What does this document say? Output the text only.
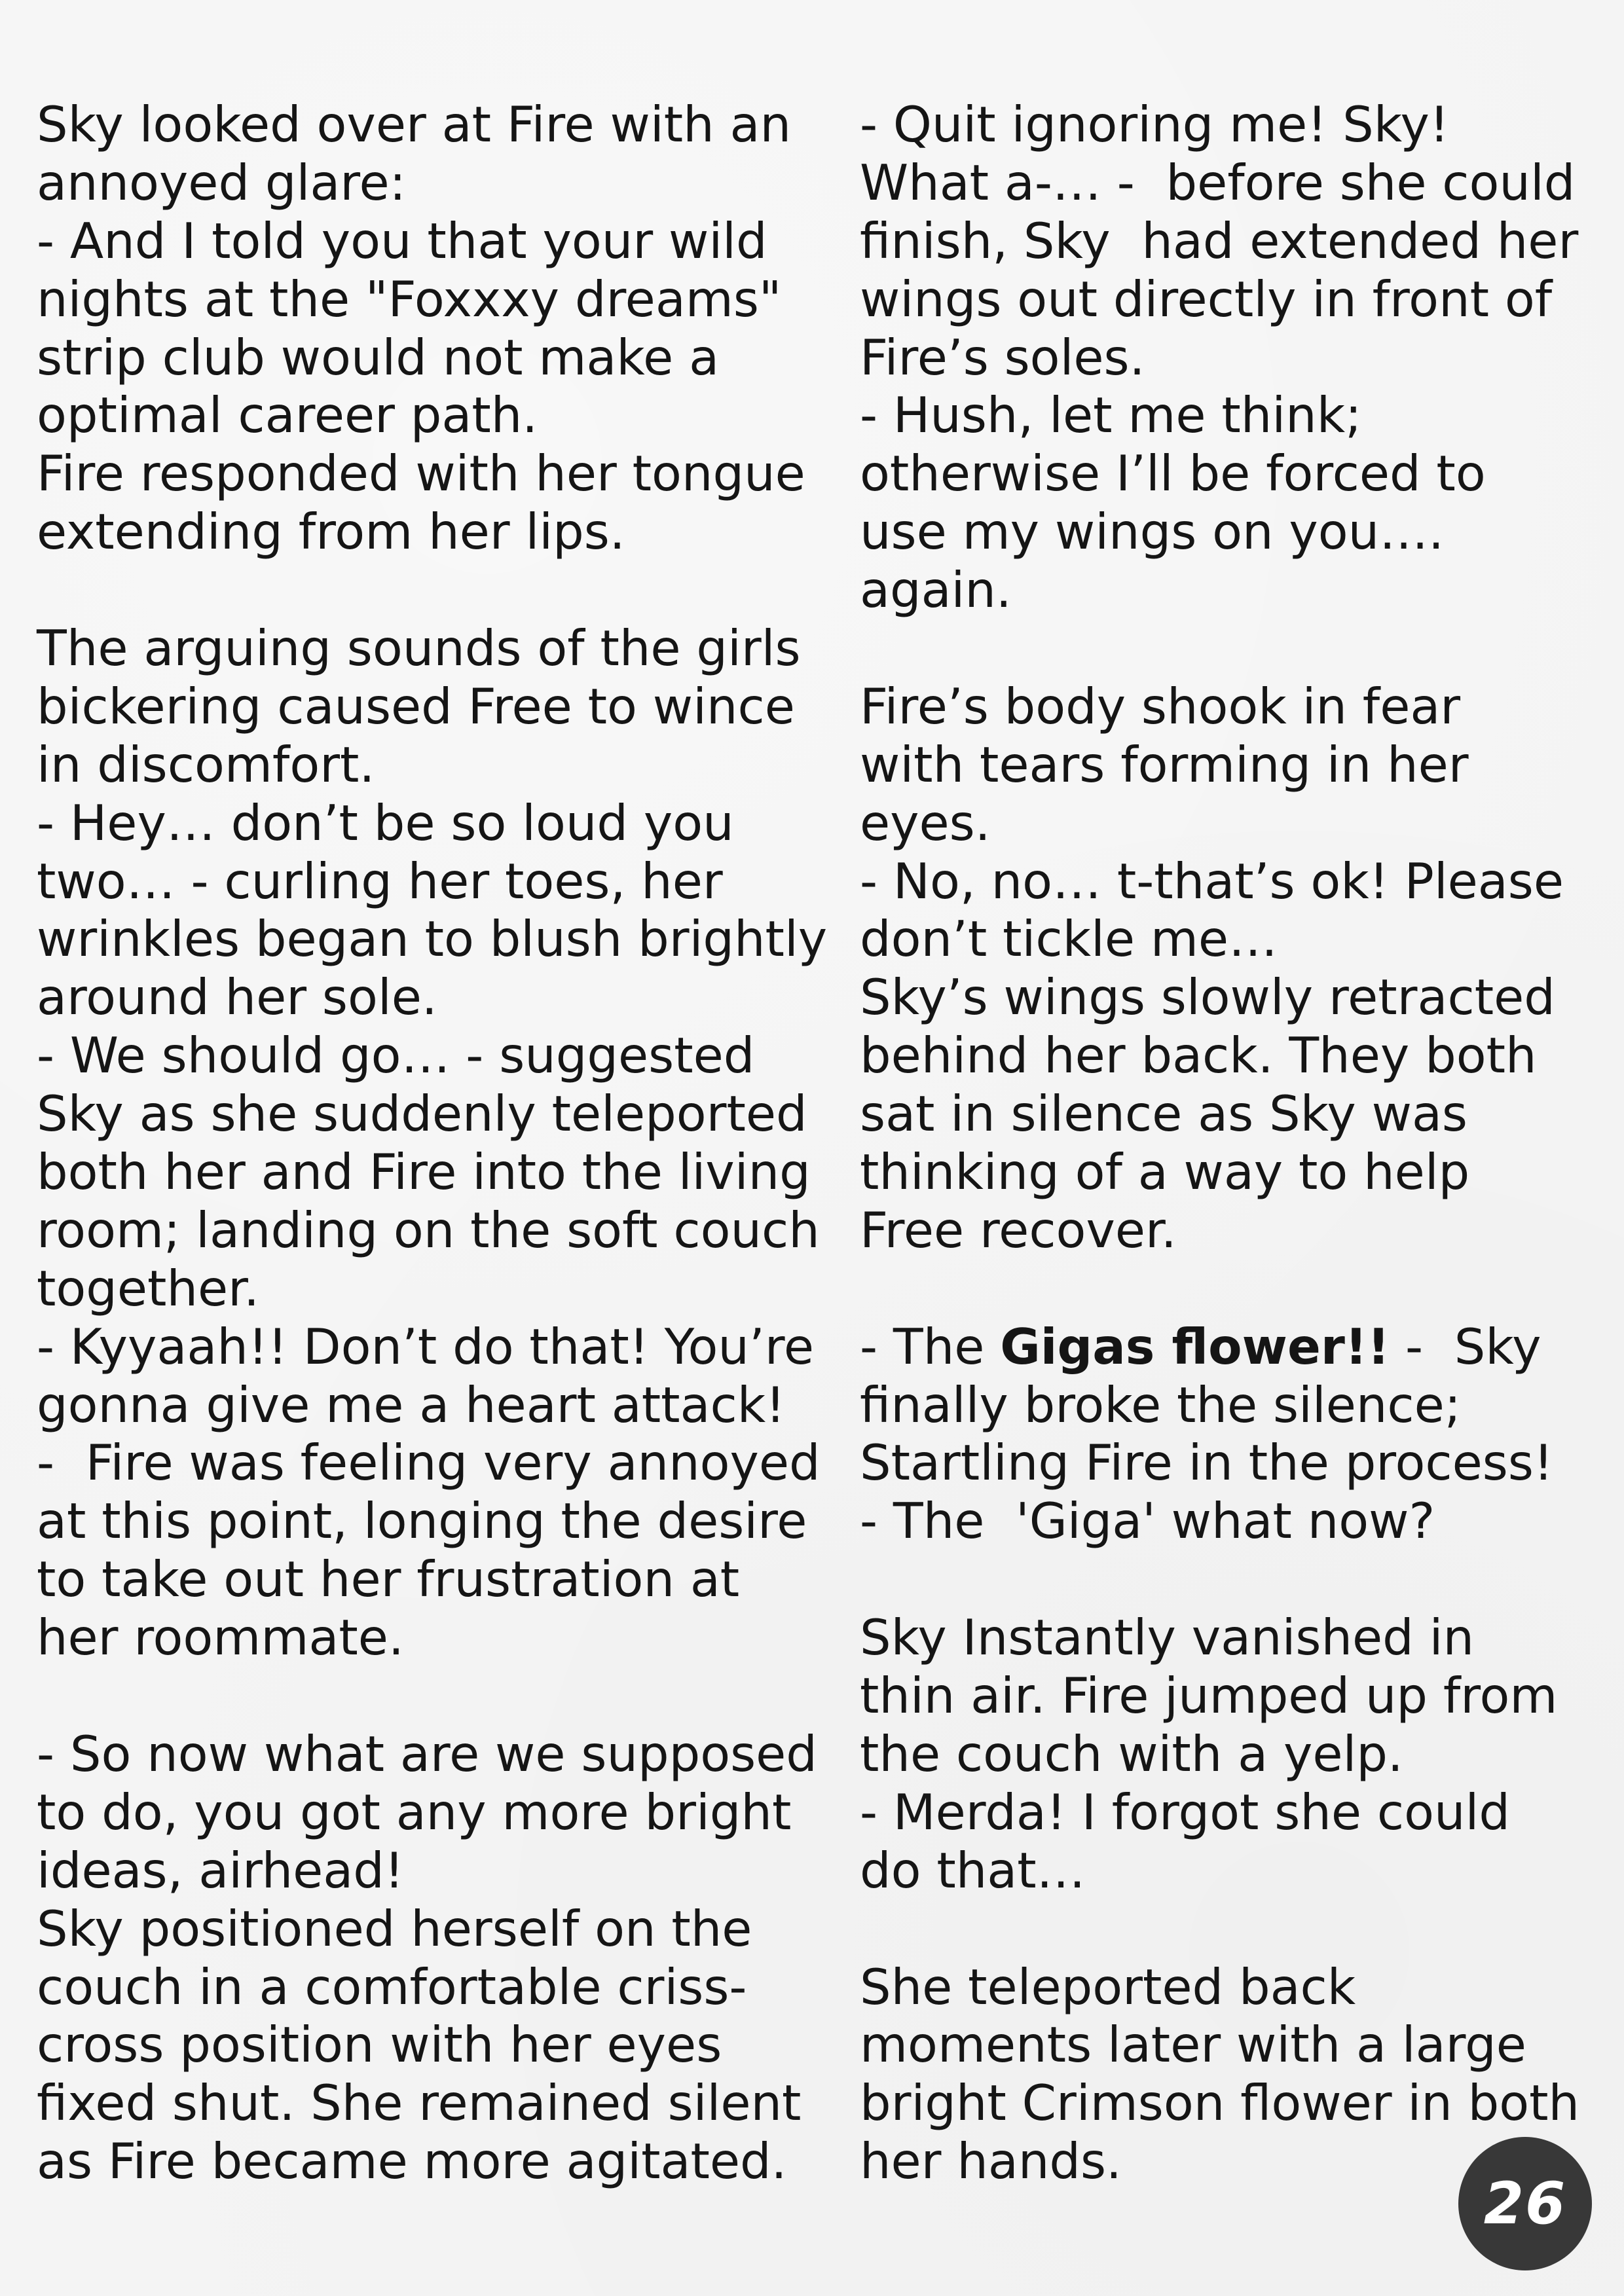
Sky looked over at Fire with an
annoyed glare:
- And I told you that your wild
nights at the "Foxxxy dreams"
strip club would not make a
optimal career path.
Fire responded with her tongue
extending from her lips.
The arguing sounds of the girls
bickering caused Free to wince
in discomfort.
- Hey… don’t be so loud you
two… - curling her toes, her
wrinkles began to blush brightly
around her sole.
- We should go… - suggested
Sky as she suddenly teleported
both her and Fire into the living
room; landing on the soft couch
together.
- Kyyaah!! Don’t do that! You’re
gonna give me a heart attack!
-  Fire was feeling very annoyed
at this point, longing the desire
to take out her frustration at
her roommate.
- So now what are we supposed
to do, you got any more bright
ideas, airhead!
Sky positioned herself on the
couch in a comfortable criss-
cross position with her eyes
fixed shut. She remained silent
as Fire became more agitated.
- Quit ignoring me! Sky!
What a-… -  before she could
finish, Sky  had extended her
wings out directly in front of
Fire’s soles.
- Hush, let me think;
otherwise I’ll be forced to
use my wings on you….
again.
Fire’s body shook in fear
with tears forming in her
eyes.
- No, no… t-that’s ok! Please
don’t tickle me…
Sky’s wings slowly retracted
behind her back. They both
sat in silence as Sky was
thinking of a way to help
Free recover.
- The Gigas flower!! -  Sky
finally broke the silence;
Startling Fire in the process!
- The  'Giga' what now?
Sky Instantly vanished in
thin air. Fire jumped up from
the couch with a yelp.
- Merda! I forgot she could
do that…
She teleported back
moments later with a large
bright Crimson flower in both
her hands.
26
